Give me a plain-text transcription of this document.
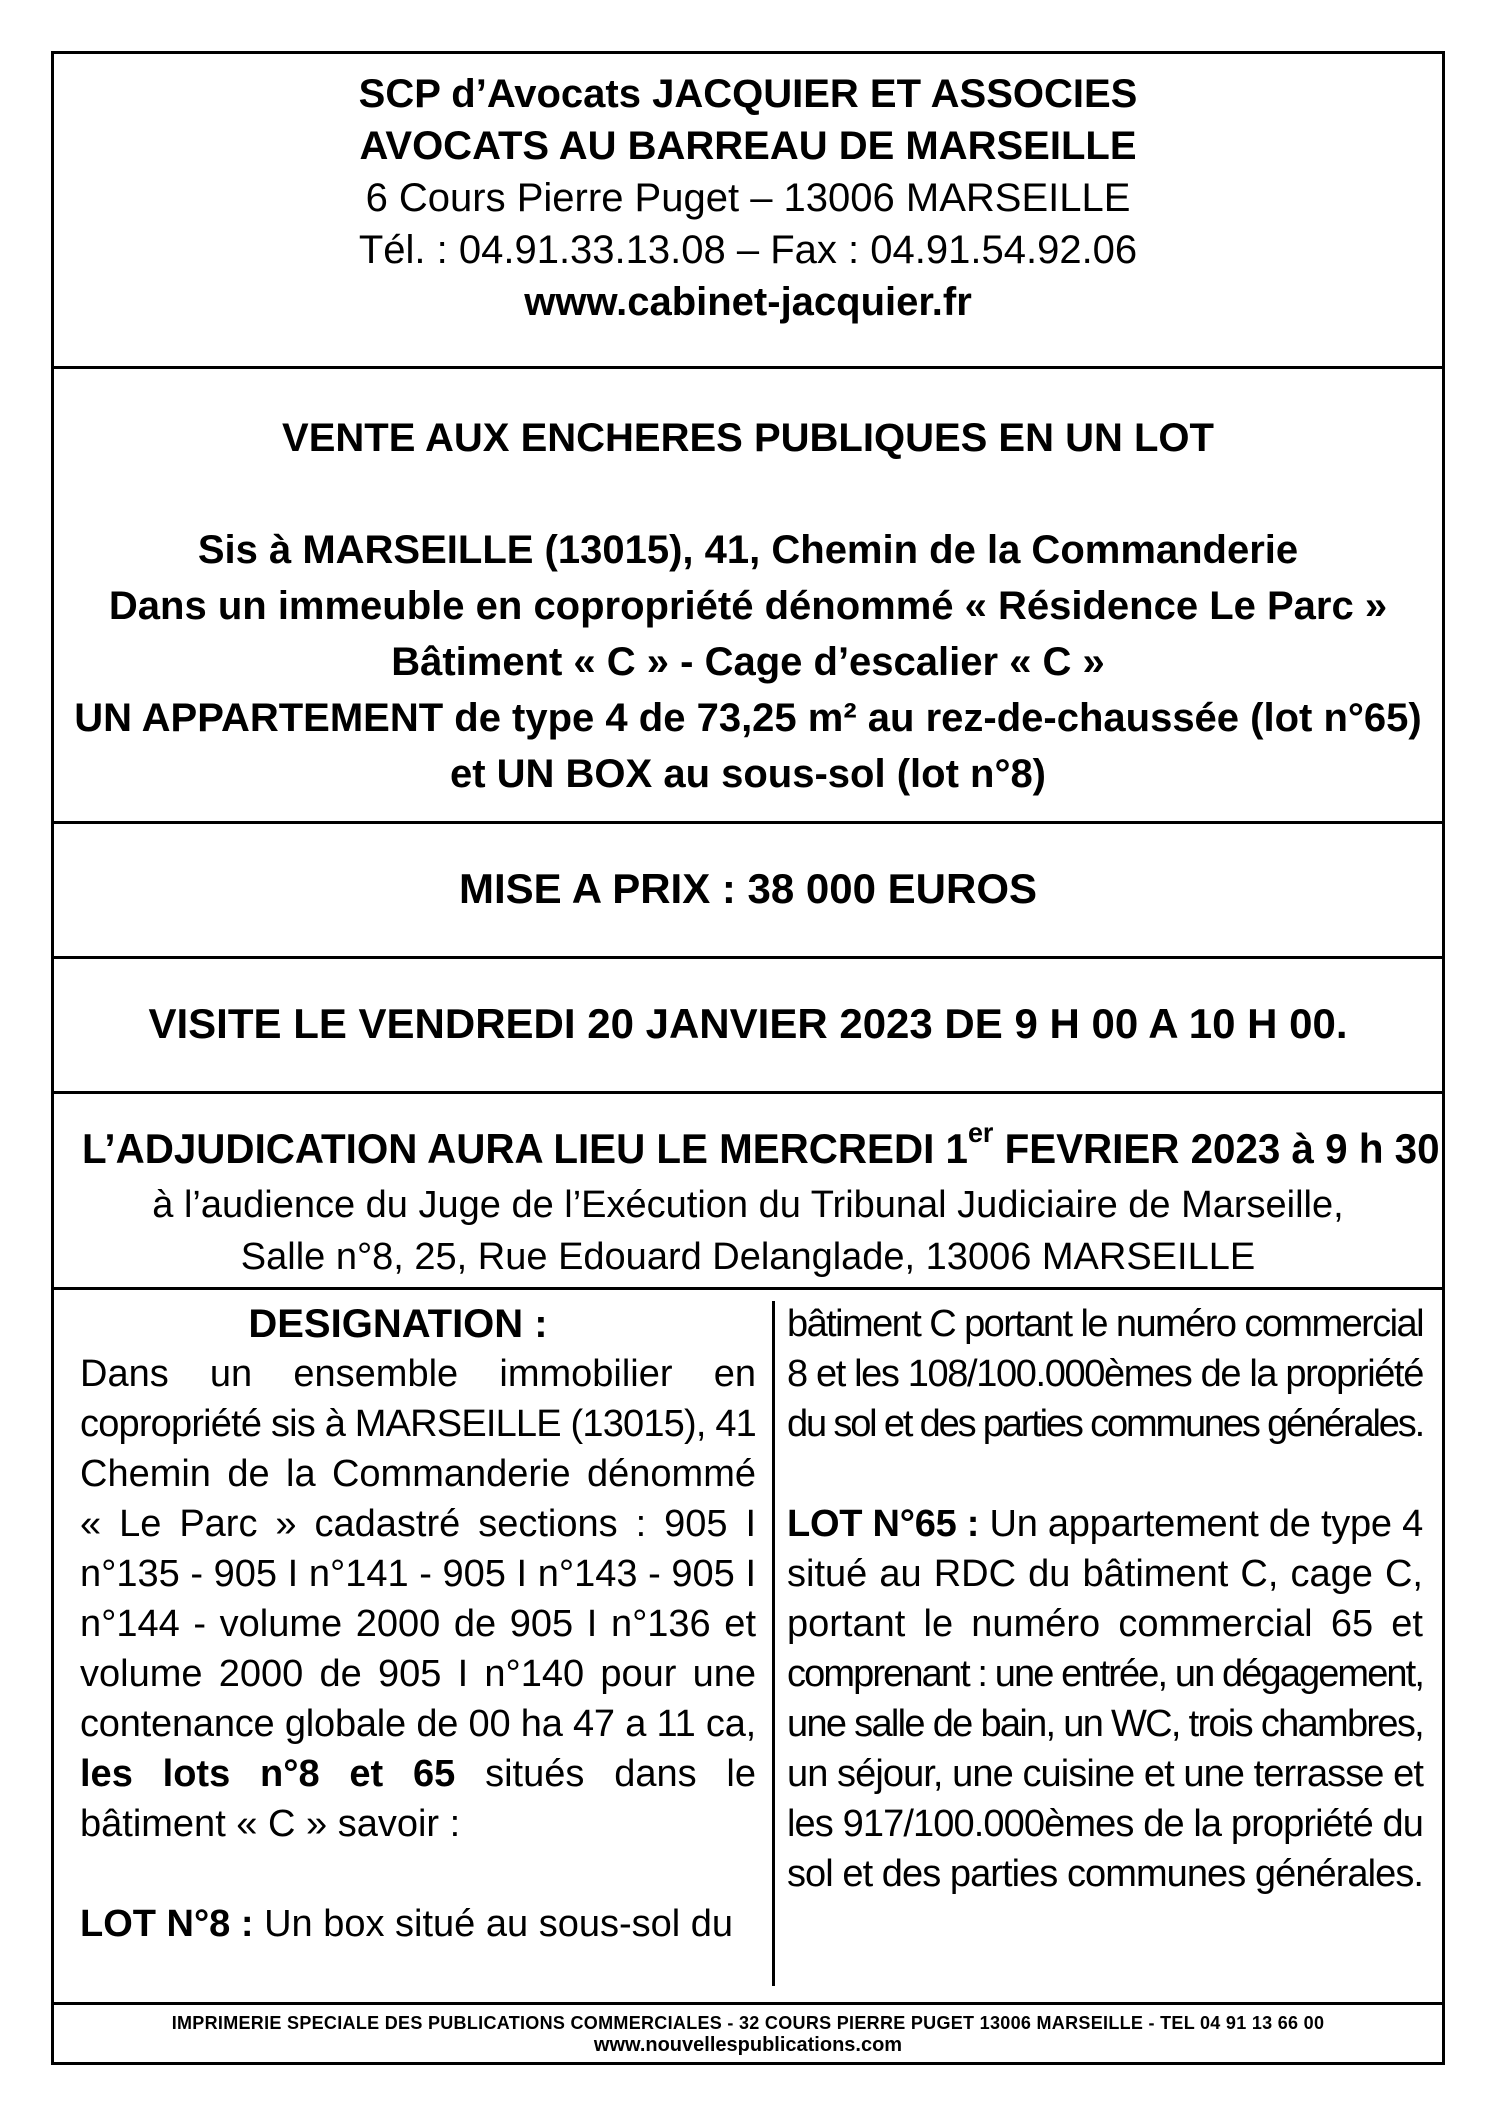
SCP d’Avocats JACQUIER ET ASSOCIES
AVOCATS AU BARREAU DE MARSEILLE
6 Cours Pierre Puget – 13006 MARSEILLE
Tél. : 04.91.33.13.08 – Fax : 04.91.54.92.06
www.cabinet-jacquier.fr
VENTE AUX ENCHERES PUBLIQUES EN UN LOT
Sis à MARSEILLE (13015), 41, Chemin de la Commanderie
Dans un immeuble en copropriété dénommé « Résidence Le Parc »
Bâtiment « C » - Cage d’escalier « C »
UN APPARTEMENT de type 4 de 73,25 m² au rez-de-chaussée (lot n°65)
et UN BOX au sous-sol (lot n°8)
MISE A PRIX : 38 000 EUROS
VISITE LE VENDREDI 20 JANVIER 2023 DE 9 H 00 A 10 H 00.
L’ADJUDICATION AURA LIEU LE MERCREDI 1er FEVRIER 2023 à 9 h 30
à l’audience du Juge de l’Exécution du Tribunal Judiciaire de Marseille,
Salle n°8, 25, Rue Edouard Delanglade, 13006 MARSEILLE
DESIGNATION :
Dans un ensemble immobilier en
copropriété sis à MARSEILLE (13015), 41
Chemin de la Commanderie dénommé
« Le Parc » cadastré sections : 905 I
n°135 - 905 I n°141 - 905 I n°143 - 905 I
n°144 - volume 2000 de 905 I n°136 et
volume 2000 de 905 I n°140 pour une
contenance globale de 00 ha 47 a 11 ca,
les lots n°8 et 65 situés dans le
bâtiment « C » savoir :
LOT N°8 : Un box situé au sous-sol du
bâtiment C portant le numéro commercial
8 et les 108/100.000èmes de la propriété
du sol et des parties communes générales.
LOT N°65 : Un appartement de type 4
situé au RDC du bâtiment C, cage C,
portant le numéro commercial 65 et
comprenant : une entrée, un dégagement,
une salle de bain, un WC, trois chambres,
un séjour, une cuisine et une terrasse et
les 917/100.000èmes de la propriété du
sol et des parties communes générales.
IMPRIMERIE SPECIALE DES PUBLICATIONS COMMERCIALES - 32 COURS PIERRE PUGET 13006 MARSEILLE - TEL 04 91 13 66 00
www.nouvellespublications.com
